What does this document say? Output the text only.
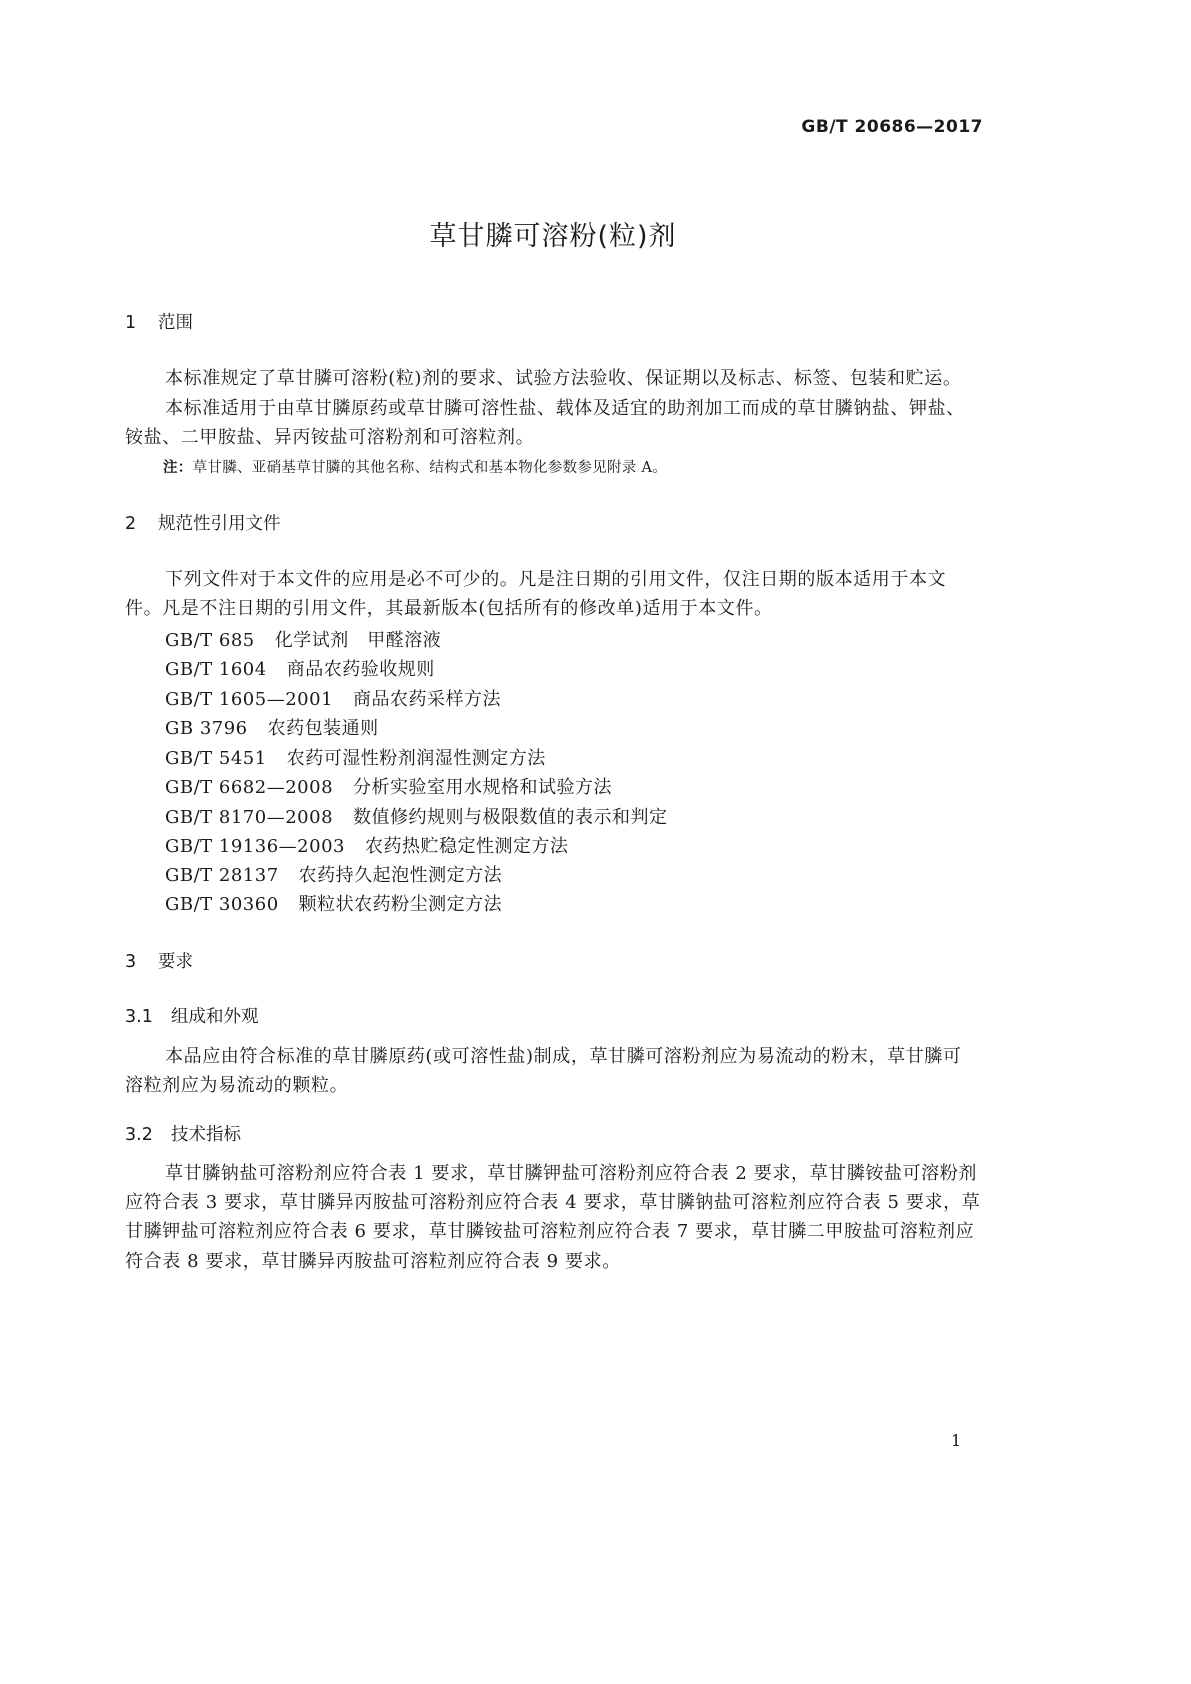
GB/T 20686—2017
草甘膦可溶粉(粒)剂
1 范围
本标准规定了草甘膦可溶粉(粒)剂的要求、试验方法验收、保证期以及标志、标签、包装和贮运。
本标准适用于由草甘膦原药或草甘膦可溶性盐、载体及适宜的助剂加工而成的草甘膦钠盐、钾盐、
铵盐、二甲胺盐、异丙铵盐可溶粉剂和可溶粒剂。
注：草甘膦、亚硝基草甘膦的其他名称、结构式和基本物化参数参见附录 A。
2 规范性引用文件
下列文件对于本文件的应用是必不可少的。凡是注日期的引用文件，仅注日期的版本适用于本文
件。凡是不注日期的引用文件，其最新版本(包括所有的修改单)适用于本文件。
GB/T 685 化学试剂　甲醛溶液
GB/T 1604 商品农药验收规则
GB/T 1605—2001 商品农药采样方法
GB 3796 农药包装通则
GB/T 5451 农药可湿性粉剂润湿性测定方法
GB/T 6682—2008 分析实验室用水规格和试验方法
GB/T 8170—2008 数值修约规则与极限数值的表示和判定
GB/T 19136—2003 农药热贮稳定性测定方法
GB/T 28137 农药持久起泡性测定方法
GB/T 30360 颗粒状农药粉尘测定方法
3 要求
3.1 组成和外观
本品应由符合标准的草甘膦原药(或可溶性盐)制成，草甘膦可溶粉剂应为易流动的粉末，草甘膦可
溶粒剂应为易流动的颗粒。
3.2 技术指标
草甘膦钠盐可溶粉剂应符合表 1 要求，草甘膦钾盐可溶粉剂应符合表 2 要求，草甘膦铵盐可溶粉剂
应符合表 3 要求，草甘膦异丙胺盐可溶粉剂应符合表 4 要求，草甘膦钠盐可溶粒剂应符合表 5 要求，草
甘膦钾盐可溶粒剂应符合表 6 要求，草甘膦铵盐可溶粒剂应符合表 7 要求，草甘膦二甲胺盐可溶粒剂应
符合表 8 要求，草甘膦异丙胺盐可溶粒剂应符合表 9 要求。
1
